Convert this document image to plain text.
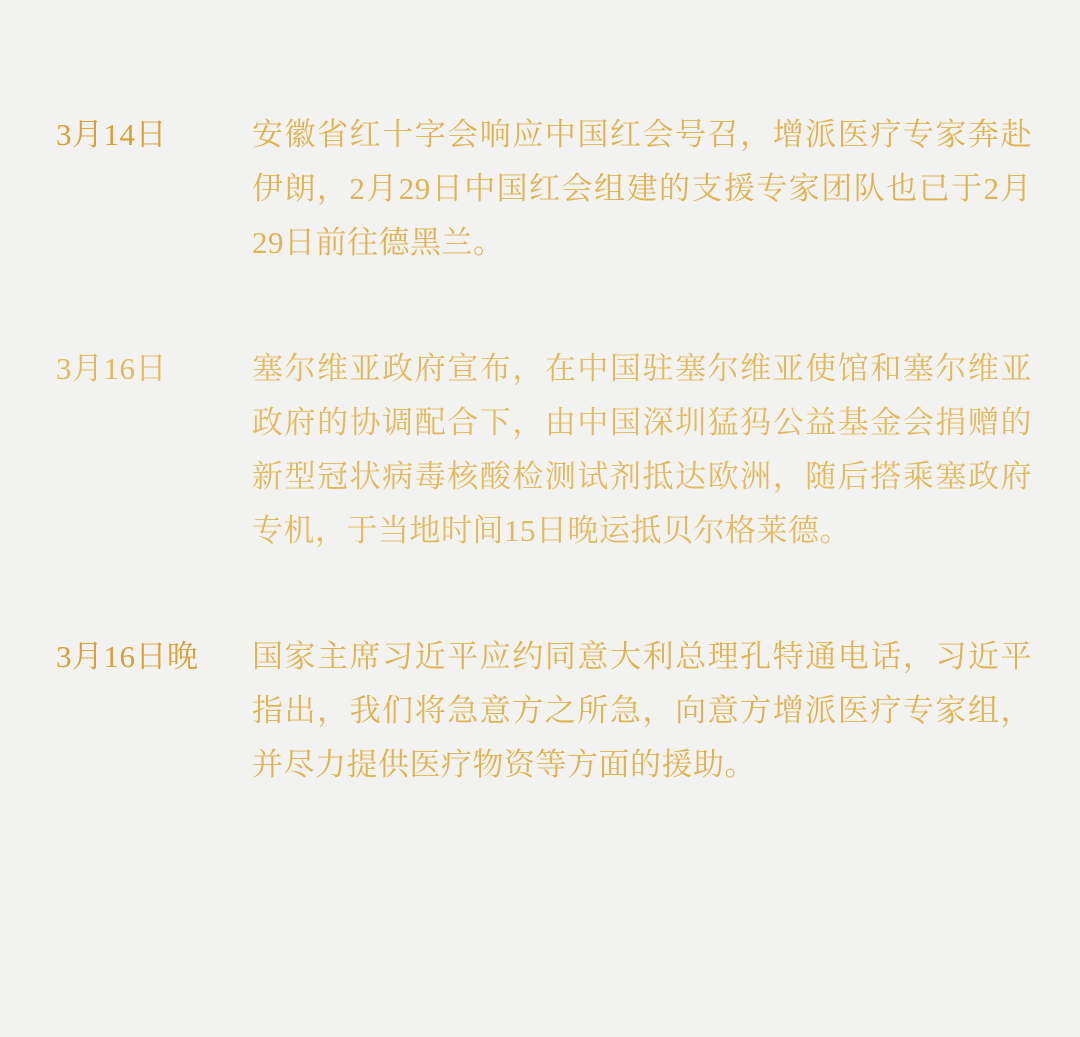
3月14日	安徽省红十字会响应中国红会号召，增派医疗专家奔赴伊朗，2月29日中国红会组建的支援专家团队也已于2月29日前往德黑兰。
3月16日	塞尔维亚政府宣布，在中国驻塞尔维亚使馆和塞尔维亚政府的协调配合下，由中国深圳猛犸公益基金会捐赠的新型冠状病毒核酸检测试剂抵达欧洲，随后搭乘塞政府专机，于当地时间15日晚运抵贝尔格莱德。
3月16日晚	国家主席习近平应约同意大利总理孔特通电话，习近平指出，我们将急意方之所急，向意方增派医疗专家组，并尽力提供医疗物资等方面的援助。
